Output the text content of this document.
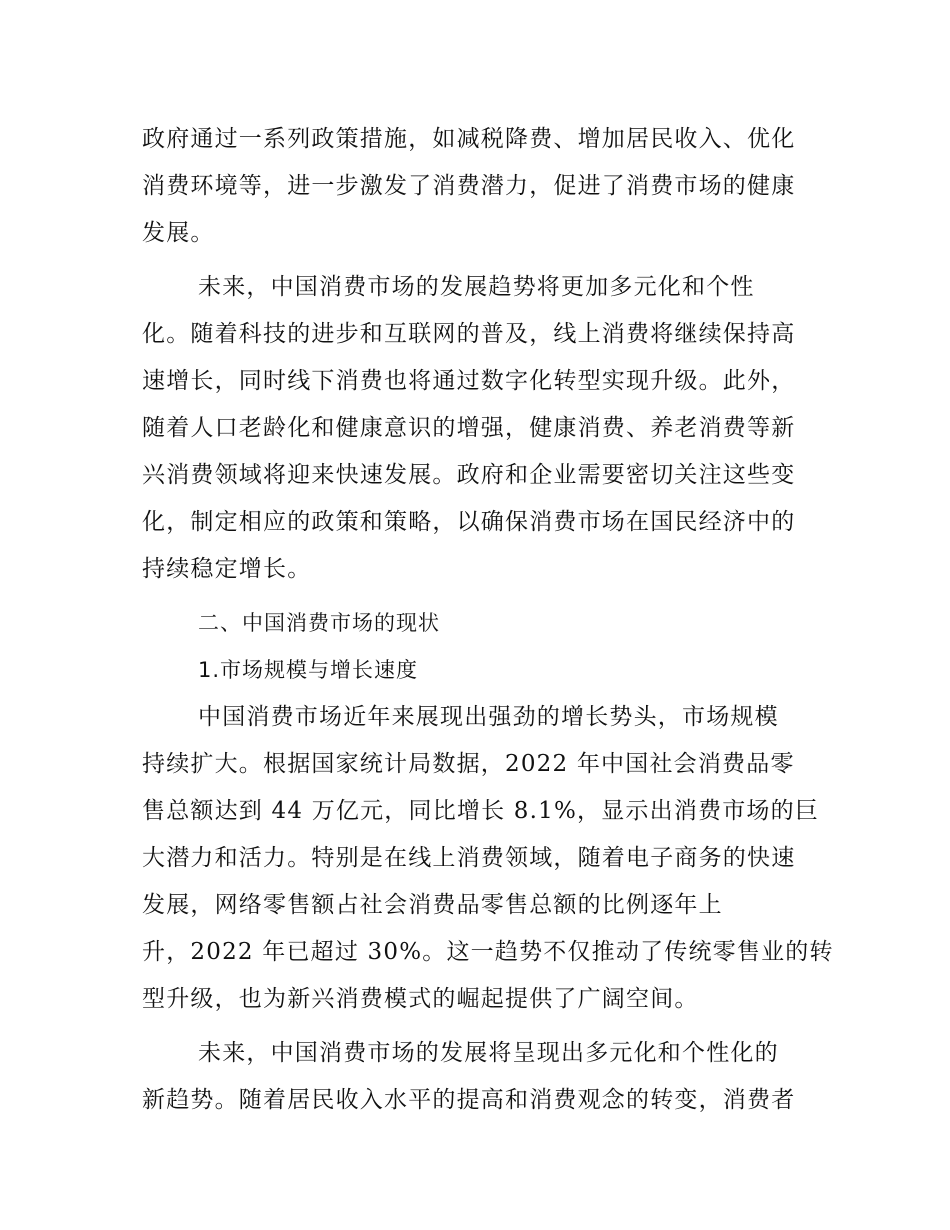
政府通过一系列政策措施，如减税降费、增加居民收入、优化
消费环境等，进一步激发了消费潜力，促进了消费市场的健康
发展。
未来，中国消费市场的发展趋势将更加多元化和个性
化。随着科技的进步和互联网的普及，线上消费将继续保持高
速增长，同时线下消费也将通过数字化转型实现升级。此外，
随着人口老龄化和健康意识的增强，健康消费、养老消费等新
兴消费领域将迎来快速发展。政府和企业需要密切关注这些变
化，制定相应的政策和策略，以确保消费市场在国民经济中的
持续稳定增长。
二、中国消费市场的现状
1.市场规模与增长速度
中国消费市场近年来展现出强劲的增长势头，市场规模
持续扩大。根据国家统计局数据，2022 年中国社会消费品零
售总额达到 44 万亿元，同比增长 8.1%，显示出消费市场的巨
大潜力和活力。特别是在线上消费领域，随着电子商务的快速
发展，网络零售额占社会消费品零售总额的比例逐年上
升，2022 年已超过 30%。这一趋势不仅推动了传统零售业的转
型升级，也为新兴消费模式的崛起提供了广阔空间。
未来，中国消费市场的发展将呈现出多元化和个性化的
新趋势。随着居民收入水平的提高和消费观念的转变，消费者
